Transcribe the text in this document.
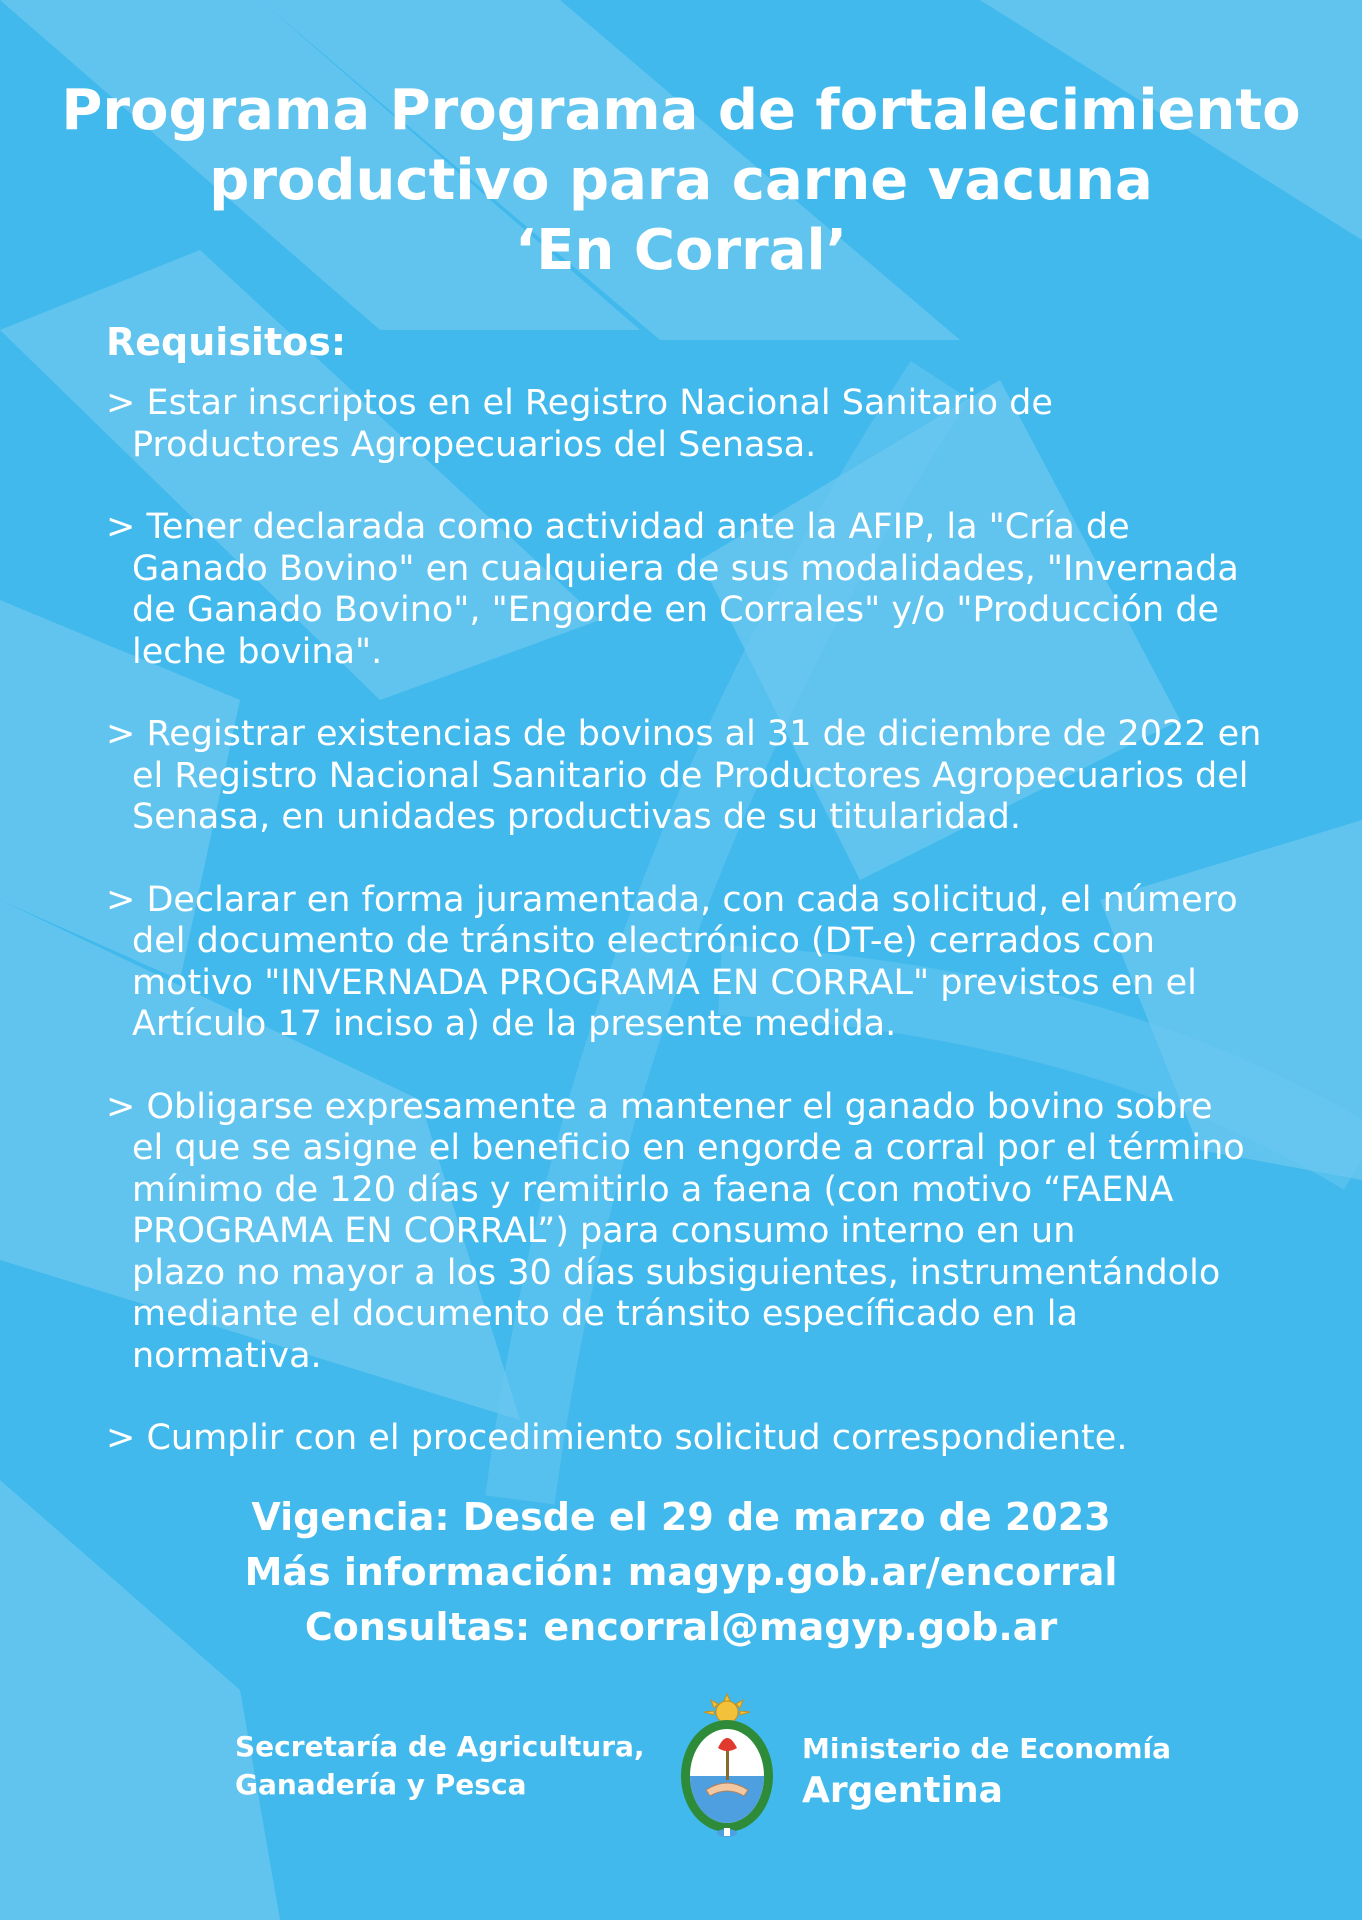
Programa Programa de fortalecimiento
productivo para carne vacuna
‘En Corral’
Requisitos:
> Estar inscriptos en el Registro Nacional Sanitario de
Productores Agropecuarios del Senasa.
> Tener declarada como actividad ante la AFIP, la "Cría de
Ganado Bovino" en cualquiera de sus modalidades, "Invernada
de Ganado Bovino", "Engorde en Corrales" y/o "Producción de
leche bovina".
> Registrar existencias de bovinos al 31 de diciembre de 2022 en
el Registro Nacional Sanitario de Productores Agropecuarios del
Senasa, en unidades productivas de su titularidad.
> Declarar en forma juramentada, con cada solicitud, el número
del documento de tránsito electrónico (DT-e) cerrados con
motivo "INVERNADA PROGRAMA EN CORRAL" previstos en el
Artículo 17 inciso a) de la presente medida.
> Obligarse expresamente a mantener el ganado bovino sobre
el que se asigne el beneficio en engorde a corral por el término
mínimo de 120 días y remitirlo a faena (con motivo “FAENA
PROGRAMA EN CORRAL”) para consumo interno en un
plazo no mayor a los 30 días subsiguientes, instrumentándolo
mediante el documento de tránsito específicado en la
normativa.
> Cumplir con el procedimiento solicitud correspondiente.
Vigencia: Desde el 29 de marzo de 2023
Más información: magyp.gob.ar/encorral
Consultas: encorral@magyp.gob.ar
Secretaría de Agricultura,
Ganadería y Pesca
Ministerio de Economía
Argentina
